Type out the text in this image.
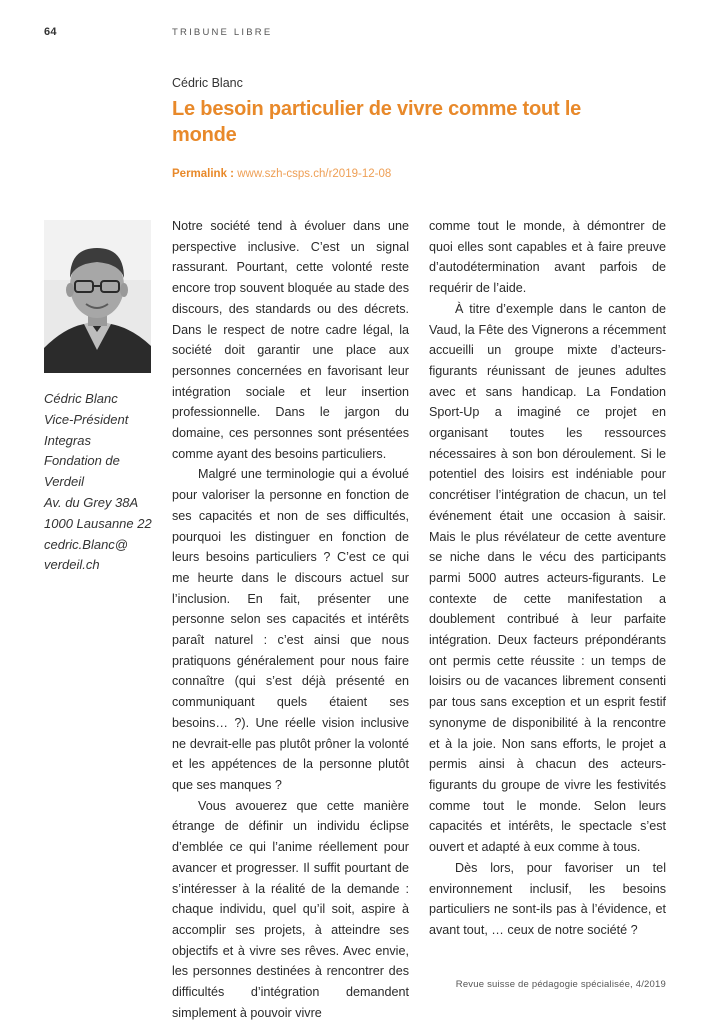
64	TRIBUNE LIBRE
Cédric Blanc
Le besoin particulier de vivre comme tout le monde
Permalink : www.szh-csps.ch/r2019-12-08
Cédric Blanc
Vice-Président
Integras
Fondation de
Verdeil
Av. du Grey 38A
1000 Lausanne 22
cedric.Blanc@
verdeil.ch

Notre société tend à évoluer dans une perspective inclusive. C’est un signal rassurant. Pourtant, cette volonté reste encore trop souvent bloquée au stade des discours, des standards ou des décrets. Dans le respect de notre cadre légal, la société doit garantir une place aux personnes concernées en favorisant leur intégration sociale et leur insertion professionnelle. Dans le jargon du domaine, ces personnes sont présentées comme ayant des besoins particuliers.

Malgré une terminologie qui a évolué pour valoriser la personne en fonction de ses capacités et non de ses difficultés, pourquoi les distinguer en fonction de leurs besoins particuliers ? C’est ce qui me heurte dans le discours actuel sur l’inclusion. En fait, présenter une personne selon ses capacités et intérêts paraît naturel : c’est ainsi que nous pratiquons généralement pour nous faire connaître (qui s’est déjà présenté en communiquant quels étaient ses besoins… ?). Une réelle vision inclusive ne devrait-elle pas plutôt prôner la volonté et les appétences de la personne plutôt que ses manques ?

Vous avouerez que cette manière étrange de définir un individu éclipse d’emblée ce qui l’anime réellement pour avancer et progresser. Il suffit pourtant de s’intéresser à la réalité de la demande : chaque individu, quel qu’il soit, aspire à accomplir ses projets, à atteindre ses objectifs et à vivre ses rêves. Avec envie, les personnes destinées à rencontrer des difficultés d’intégration demandent simplement à pouvoir vivre

comme tout le monde, à démontrer de quoi elles sont capables et à faire preuve d’autodétermination avant parfois de requérir de l’aide.

À titre d’exemple dans le canton de Vaud, la Fête des Vignerons a récemment accueilli un groupe mixte d’acteurs-figurants réunissant de jeunes adultes avec et sans handicap. La Fondation Sport-Up a imaginé ce projet en organisant toutes les ressources nécessaires à son bon déroulement. Si le potentiel des loisirs est indéniable pour concrétiser l’intégration de chacun, un tel événement était une occasion à saisir. Mais le plus révélateur de cette aventure se niche dans le vécu des participants parmi 5000 autres acteurs-figurants. Le contexte de cette manifestation a doublement contribué à leur parfaite intégration. Deux facteurs prépondérants ont permis cette réussite : un temps de loisirs ou de vacances librement consenti par tous sans exception et un esprit festif synonyme de disponibilité à la rencontre et à la joie. Non sans efforts, le projet a permis ainsi à chacun des acteurs-figurants du groupe de vivre les festivités comme tout le monde. Selon leurs capacités et intérêts, le spectacle s’est ouvert et adapté à eux comme à tous.

Dès lors, pour favoriser un tel environnement inclusif, les besoins particuliers ne sont-ils pas à l’évidence, et avant tout, … ceux de notre société ?

Revue suisse de pédagogie spécialisée, 4/2019
